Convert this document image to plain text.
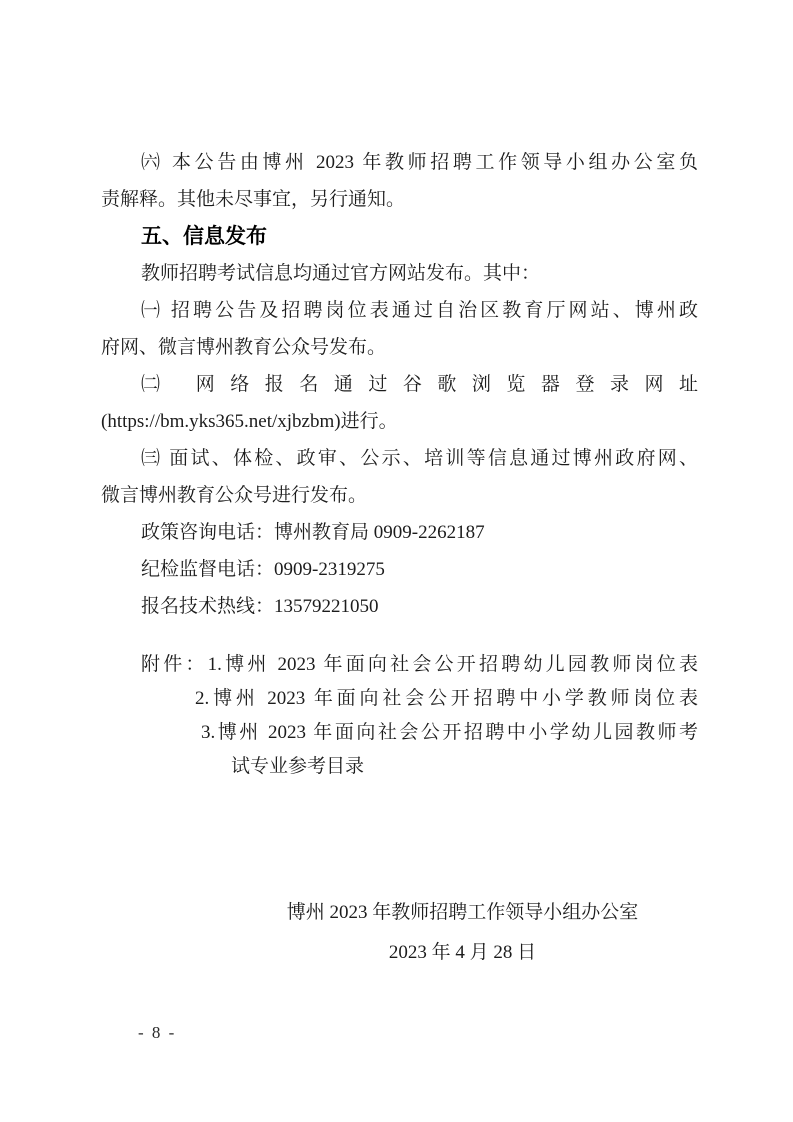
㈥ 本公告由博州 2023 年教师招聘工作领导小组办公室负
责解释。其他未尽事宜，另行通知。
五、信息发布
教师招聘考试信息均通过官方网站发布。其中：
㈠ 招聘公告及招聘岗位表通过自治区教育厅网站、博州政
府网、微言博州教育公众号发布。
㈡ 网络报名通过谷歌浏览器登录网址
(https://bm.yks365.net/xjbzbm)进行。
㈢ 面试、体检、政审、公示、培训等信息通过博州政府网、
微言博州教育公众号进行发布。
政策咨询电话：博州教育局 0909-2262187
纪检监督电话：0909-2319275
报名技术热线：13579221050
附件：1.博州 2023 年面向社会公开招聘幼儿园教师岗位表
2.博州 2023 年面向社会公开招聘中小学教师岗位表
3.博州 2023 年面向社会公开招聘中小学幼儿园教师考
试专业参考目录
博州 2023 年教师招聘工作领导小组办公室
2023 年 4 月 28 日
- 8 -
